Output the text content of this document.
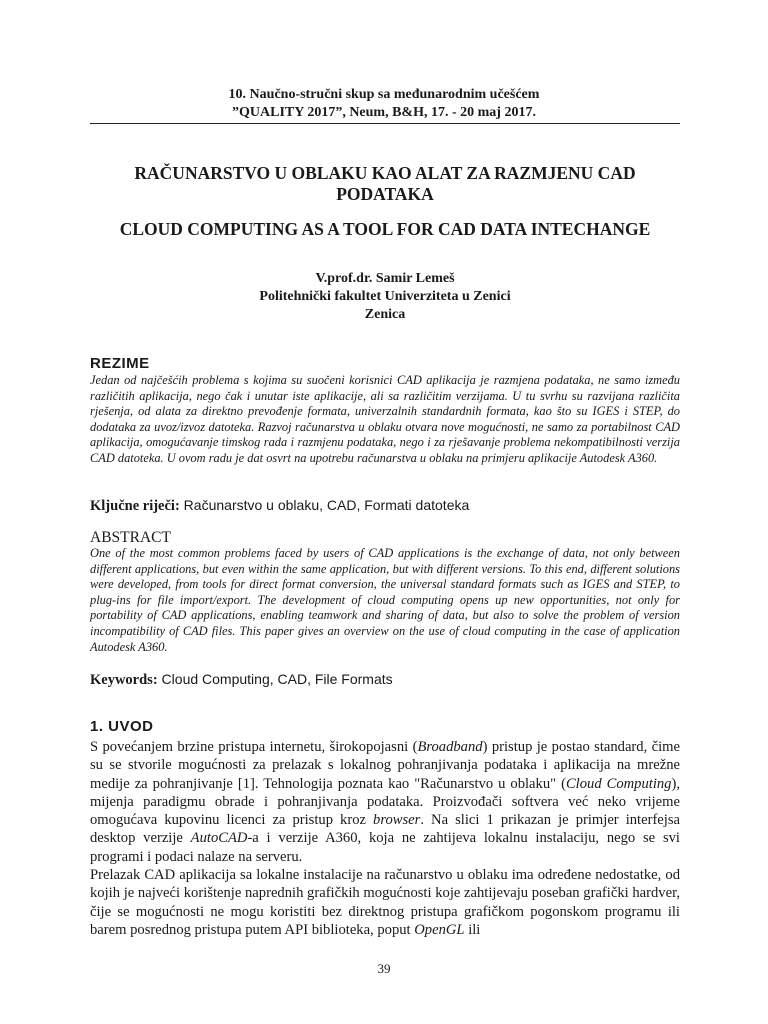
10. Naučno-stručni skup sa međunarodnim učešćem
”QUALITY 2017”, Neum, B&H, 17. - 20 maj 2017.
RAČUNARSTVO U OBLAKU KAO ALAT ZA RAZMJENU CAD
PODATAKA
CLOUD COMPUTING AS A TOOL FOR CAD DATA INTECHANGE
V.prof.dr. Samir Lemeš
Politehnički fakultet Univerziteta u Zenici
Zenica
REZIME
Jedan od najčešćih problema s kojima su suočeni korisnici CAD aplikacija je razmjena podataka, ne samo između različitih aplikacija, nego čak i unutar iste aplikacije, ali sa različitim verzijama. U tu svrhu su razvijana različita rješenja, od alata za direktno prevođenje formata, univerzalnih standardnih formata, kao što su IGES i STEP, do dodataka za uvoz/izvoz datoteka. Razvoj računarstva u oblaku otvara nove mogućnosti, ne samo za portabilnost CAD aplikacija, omogućavanje timskog rada i razmjenu podataka, nego i za rješavanje problema nekompatibilnosti verzija CAD datoteka. U ovom radu je dat osvrt na upotrebu računarstva u oblaku na primjeru aplikacije Autodesk A360.
Ključne riječi: Računarstvo u oblaku, CAD, Formati datoteka
ABSTRACT
One of the most common problems faced by users of CAD applications is the exchange of data, not only between different applications, but even within the same application, but with different versions. To this end, different solutions were developed, from tools for direct format conversion, the universal standard formats such as IGES and STEP, to plug-ins for file import/export. The development of cloud computing opens up new opportunities, not only for portability of CAD applications, enabling teamwork and sharing of data, but also to solve the problem of version incompatibility of CAD files. This paper gives an overview on the use of cloud computing in the case of application Autodesk A360.
Keywords: Cloud Computing, CAD, File Formats
1. UVOD

S povećanjem brzine pristupa internetu, širokopojasni (Broadband) pristup je postao standard, čime su se stvorile mogućnosti za prelazak s lokalnog pohranjivanja podataka i aplikacija na mrežne medije za pohranjivanje [1]. Tehnologija poznata kao "Računarstvo u oblaku" (Cloud Computing), mijenja paradigmu obrade i pohranjivanja podataka. Proizvođači softvera već neko vrijeme omogućava kupovinu licenci za pristup kroz browser. Na slici 1 prikazan je primjer interfejsa desktop verzije AutoCAD-a i verzije A360, koja ne zahtijeva lokalnu instalaciju, nego se svi programi i podaci nalaze na serveru.

Prelazak CAD aplikacija sa lokalne instalacije na računarstvo u oblaku ima određene nedostatke, od kojih je najveći korištenje naprednih grafičkih mogućnosti koje zahtijevaju poseban grafički hardver, čije se mogućnosti ne mogu koristiti bez direktnog pristupa grafičkom pogonskom programu ili barem posrednog pristupa putem API biblioteka, poput OpenGL ili

39
